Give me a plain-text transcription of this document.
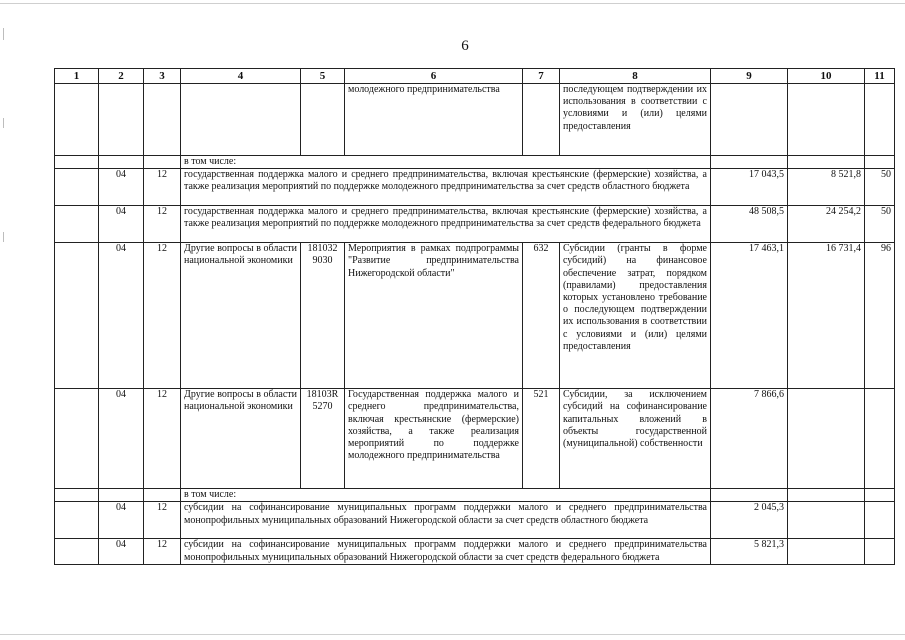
6
1	2	3	4	5	6	7	8	9	10	11
					молодежного предпринимательства		последующем подтверждении их использования в соответствии с условиями и (или) целями предоставления			
			в том числе:							
	04	12	государственная поддержка малого и среднего предпринимательства, включая крестьянские (фермерские) хозяйства, а также реализация мероприятий по поддержке молодежного предпринимательства за счет средств областного бюджета					17 043,5	8 521,8	50
	04	12	государственная поддержка малого и среднего предпринимательства, включая крестьянские (фермерские) хозяйства, а также реализация мероприятий по поддержке молодежного предпринимательства за счет средств федерального бюджета					48 508,5	24 254,2	50
	04	12	Другие вопросы в области национальной экономики	181032 9030	Мероприятия в рамках подпрограммы "Развитие предпринимательства Нижегородской области"	632	Субсидии (гранты в форме субсидий) на финансовое обеспечение затрат, порядком (правилами) предоставления которых установлено требование о последующем подтверждении их использования в соответствии с условиями и (или) целями предоставления	17 463,1	16 731,4	96
	04	12	Другие вопросы в области национальной экономики	18103R 5270	Государственная поддержка малого и среднего предпринимательства, включая крестьянские (фермерские) хозяйства, а также реализация мероприятий по поддержке молодежного предпринимательства	521	Субсидии, за исключением субсидий на софинансирование капитальных вложений в объекты государственной (муниципальной) собственности	7 866,6		
			в том числе:							
	04	12	субсидии на софинансирование муниципальных программ поддержки малого и среднего предпринимательства монопрофильных муниципальных образований Нижегородской области за счет средств областного бюджета					2 045,3		
	04	12	субсидии на софинансирование муниципальных программ поддержки малого и среднего предпринимательства монопрофильных муниципальных образований Нижегородской области за счет средств федерального бюджета					5 821,3		
